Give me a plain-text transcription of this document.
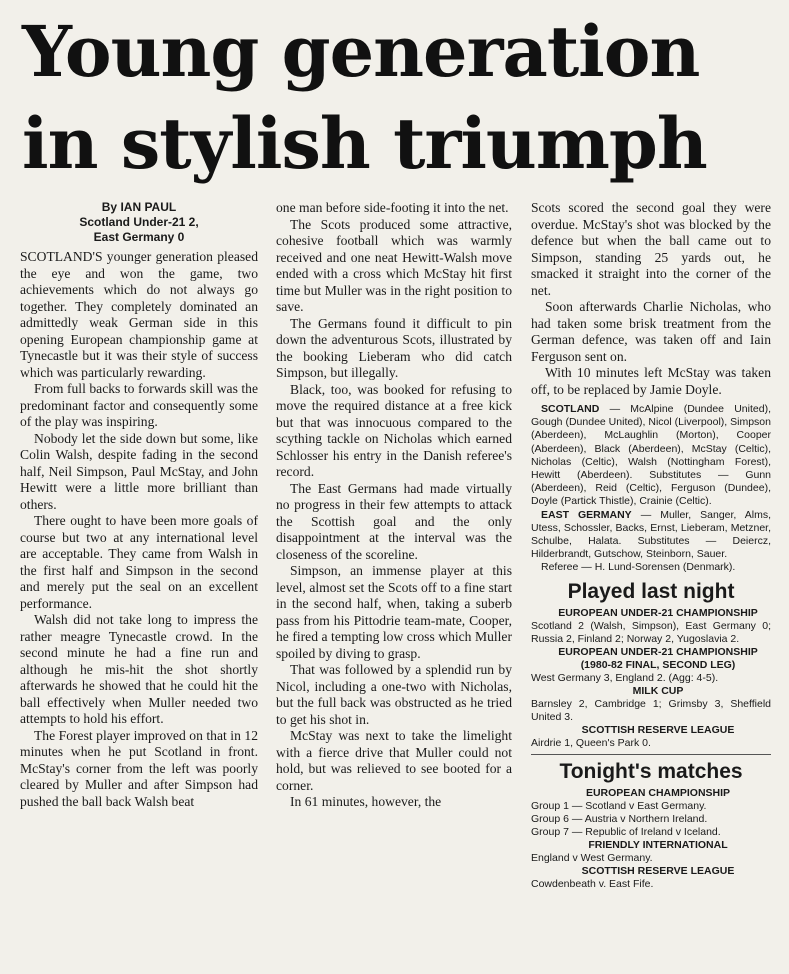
Young generation
in stylish triumph
By IAN PAUL
Scotland Under-21 2,
East Germany 0

SCOTLAND'S younger generation pleased the eye and won the game, two achievements which do not always go together. They completely dominated an admittedly weak German side in this opening European championship game at Tynecastle but it was their style of success which was particularly rewarding.

From full backs to forwards skill was the predominant factor and consequently some of the play was inspiring.

Nobody let the side down but some, like Colin Walsh, despite fading in the second half, Neil Simpson, Paul McStay, and John Hewitt were a little more brilliant than others.

There ought to have been more goals of course but two at any international level are acceptable. They came from Walsh in the first half and Simpson in the second and merely put the seal on an excellent performance.

Walsh did not take long to impress the rather meagre Tynecastle crowd. In the second minute he had a fine run and although he mis-hit the shot shortly afterwards he showed that he could hit the ball effectively when Muller needed two attempts to hold his effort.

The Forest player improved on that in 12 minutes when he put Scotland in front. McStay's corner from the left was poorly cleared by Muller and after Simpson had pushed the ball back Walsh beat

one man before side-footing it into the net.

The Scots produced some attractive, cohesive football which was warmly received and one neat Hewitt-Walsh move ended with a cross which McStay hit first time but Muller was in the right position to save.

The Germans found it difficult to pin down the adventurous Scots, illustrated by the booking Lieberam who did catch Simpson, but illegally.

Black, too, was booked for refusing to move the required distance at a free kick but that was innocuous compared to the scything tackle on Nicholas which earned Schlosser his entry in the Danish referee's record.

The East Germans had made virtually no progress in their few attempts to attack the Scottish goal and the only disappointment at the interval was the closeness of the scoreline.

Simpson, an immense player at this level, almost set the Scots off to a fine start in the second half, when, taking a suberb pass from his Pittodrie team-mate, Cooper, he fired a tempting low cross which Muller spoiled by diving to grasp.

That was followed by a splendid run by Nicol, including a one-two with Nicholas, but the full back was obstructed as he tried to get his shot in.

McStay was next to take the limelight with a fierce drive that Muller could not hold, but was relieved to see booted for a corner.

In 61 minutes, however, the

Scots scored the second goal they were overdue. McStay's shot was blocked by the defence but when the ball came out to Simpson, standing 25 yards out, he smacked it straight into the corner of the net.

Soon afterwards Charlie Nicholas, who had taken some brisk treatment from the German defence, was taken off and Iain Ferguson sent on.

With 10 minutes left McStay was taken off, to be replaced by Jamie Doyle.

SCOTLAND — McAlpine (Dundee United), Gough (Dundee United), Nicol (Liverpool), Simpson (Aberdeen), McLaughlin (Morton), Cooper (Aberdeen), Black (Aberdeen), McStay (Celtic), Nicholas (Celtic), Walsh (Nottingham Forest), Hewitt (Aberdeen). Substitutes — Gunn (Aberdeen), Reid (Celtic), Ferguson (Dundee), Doyle (Partick Thistle), Crainie (Celtic).

EAST GERMANY — Muller, Sanger, Alms, Utess, Schossler, Backs, Ernst, Lieberam, Metzner, Schulbe, Halata. Substitutes — Deiercz, Hilderbrandt, Gutschow, Steinborn, Sauer.

Referee — H. Lund-Sorensen (Denmark).

Played last night

EUROPEAN UNDER-21 CHAMPIONSHIP

Scotland 2 (Walsh, Simpson), East Germany 0; Russia 2, Finland 2; Norway 2, Yugoslavia 2.

EUROPEAN UNDER-21 CHAMPIONSHIP

(1980-82 FINAL, SECOND LEG)

West Germany 3, England 2. (Agg: 4-5).

MILK CUP

Barnsley 2, Cambridge 1; Grimsby 3, Sheffield United 3.

SCOTTISH RESERVE LEAGUE

Airdrie 1, Queen's Park 0.

Tonight's matches

EUROPEAN CHAMPIONSHIP

Group 1 — Scotland v East Germany.

Group 6 — Austria v Northern Ireland.

Group 7 — Republic of Ireland v Iceland.

FRIENDLY INTERNATIONAL

England v West Germany.

SCOTTISH RESERVE LEAGUE

Cowdenbeath v. East Fife.
